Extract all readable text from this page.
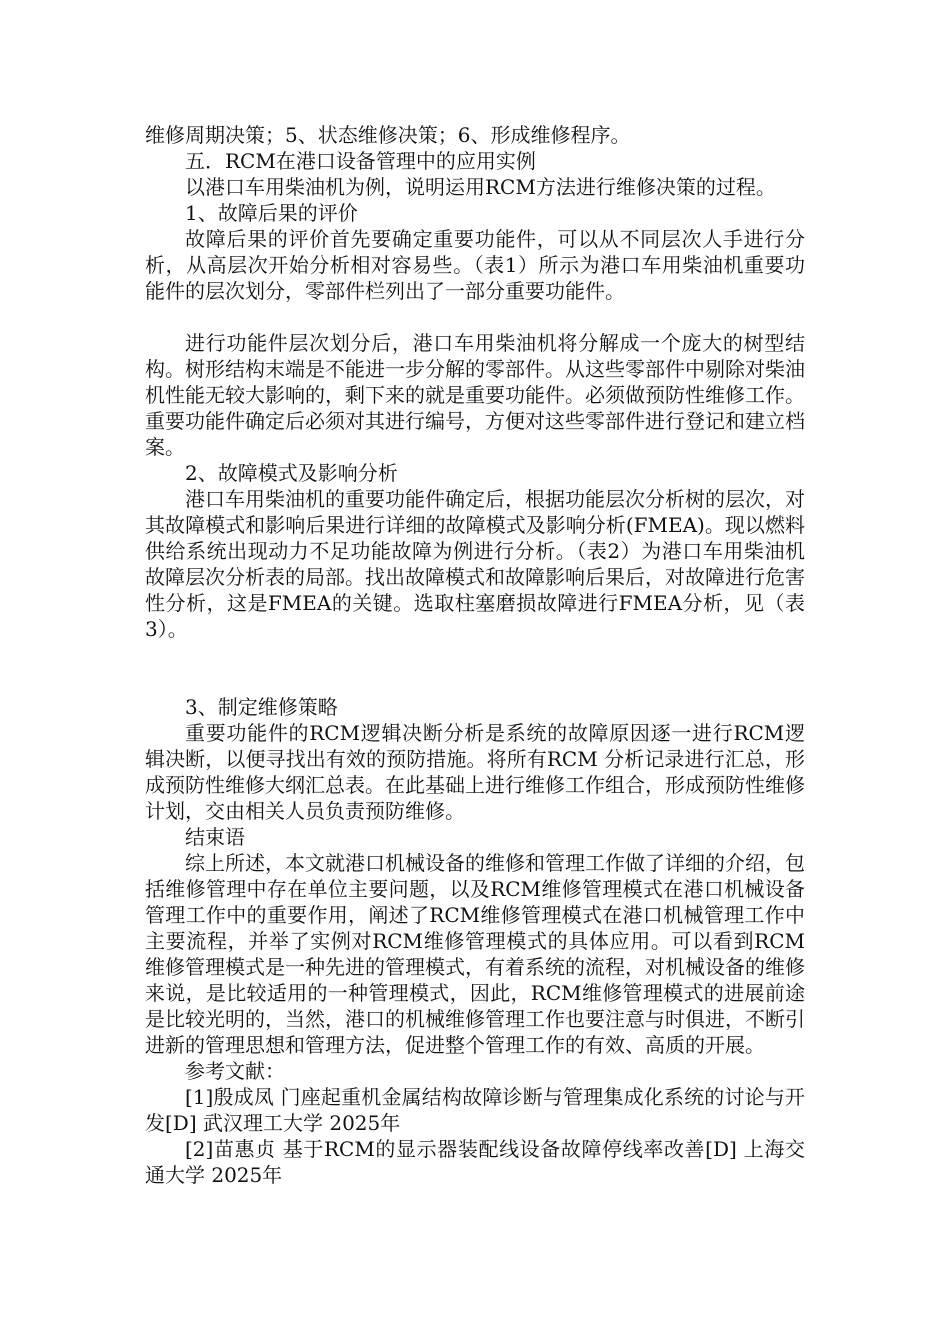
维修周期决策；5、状态维修决策；6、形成维修程序。

五．RCM在港口设备管理中的应用实例

以港口车用柴油机为例，说明运用RCM方法进行维修决策的过程。

1、故障后果的评价

故障后果的评价首先要确定重要功能件，可以从不同层次人手进行分析，从高层次开始分析相对容易些。（表1）所示为港口车用柴油机重要功能件的层次划分，零部件栏列出了一部分重要功能件。

进行功能件层次划分后，港口车用柴油机将分解成一个庞大的树型结构。树形结构末端是不能进一步分解的零部件。从这些零部件中剔除对柴油机性能无较大影响的，剩下来的就是重要功能件。必须做预防性维修工作。重要功能件确定后必须对其进行编号，方便对这些零部件进行登记和建立档案。

2、故障模式及影响分析

港口车用柴油机的重要功能件确定后，根据功能层次分析树的层次，对其故障模式和影响后果进行详细的故障模式及影响分析(FMEA)。现以燃料供给系统出现动力不足功能故障为例进行分析。（表2）为港口车用柴油机故障层次分析表的局部。找出故障模式和故障影响后果后，对故障进行危害性分析，这是FMEA的关键。选取柱塞磨损故障进行FMEA分析，见（表3）。

3、制定维修策略

重要功能件的RCM逻辑决断分析是系统的故障原因逐一进行RCM逻辑决断，以便寻找出有效的预防措施。将所有RCM 分析记录进行汇总，形成预防性维修大纲汇总表。在此基础上进行维修工作组合，形成预防性维修计划，交由相关人员负责预防维修。

结束语

综上所述，本文就港口机械设备的维修和管理工作做了详细的介绍，包括维修管理中存在单位主要问题，以及RCM维修管理模式在港口机械设备管理工作中的重要作用，阐述了RCM维修管理模式在港口机械管理工作中主要流程，并举了实例对RCM维修管理模式的具体应用。可以看到RCM维修管理模式是一种先进的管理模式，有着系统的流程，对机械设备的维修来说，是比较适用的一种管理模式，因此，RCM维修管理模式的进展前途是比较光明的，当然，港口的机械维修管理工作也要注意与时俱进，不断引进新的管理思想和管理方法，促进整个管理工作的有效、高质的开展。

参考文献：

[1]殷成凤 门座起重机金属结构故障诊断与管理集成化系统的讨论与开发[D] 武汉理工大学 2025年

[2]苗惠贞 基于RCM的显示器装配线设备故障停线率改善[D] 上海交通大学 2025年
